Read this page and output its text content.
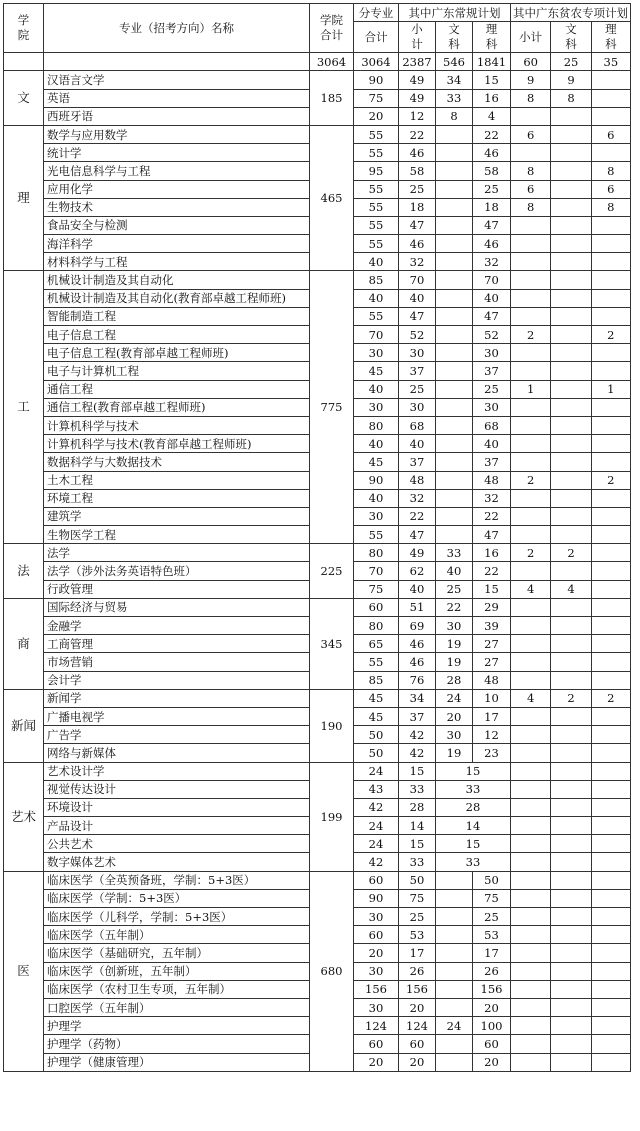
学院	专业（招考方向）名称	学院合计	分专业	其中广东常规计划			其中广东贫农专项计划		
			合计	小计	文科	理科	小计	文科	理科
		3064	3064	2387	546	1841	60	25	35
文	汉语言文学	185	90	49	34	15	9	9	
	英语		75	49	33	16	8	8	
	西班牙语		20	12	8	4			
理	数学与应用数学	465	55	22		22	6		6
	统计学		55	46		46			
	光电信息科学与工程		95	58		58	8		8
	应用化学		55	25		25	6		6
	生物技术		55	18		18	8		8
	食品安全与检测		55	47		47			
	海洋科学		55	46		46			
	材料科学与工程		40	32		32			
工	机械设计制造及其自动化	775	85	70		70			
	机械设计制造及其自动化(教育部卓越工程师班)		40	40		40			
	智能制造工程		55	47		47			
	电子信息工程		70	52		52	2		2
	电子信息工程(教育部卓越工程师班)		30	30		30			
	电子与计算机工程		45	37		37			
	通信工程		40	25		25	1		1
	通信工程(教育部卓越工程师班)		30	30		30			
	计算机科学与技术		80	68		68			
	计算机科学与技术(教育部卓越工程师班)		40	40		40			
	数据科学与大数据技术		45	37		37			
	土木工程		90	48		48	2		2
	环境工程		40	32		32			
	建筑学		30	22		22			
	生物医学工程		55	47		47			
法	法学	225	80	49	33	16	2	2	
	法学（涉外法务英语特色班）		70	62	40	22			
	行政管理		75	40	25	15	4	4	
商	国际经济与贸易	345	60	51	22	29			
	金融学		80	69	30	39			
	工商管理		65	46	19	27			
	市场营销		55	46	19	27			
	会计学		85	76	28	48			
新闻	新闻学	190	45	34	24	10	4	2	2
	广播电视学		45	37	20	17			
	广告学		50	42	30	12			
	网络与新媒体		50	42	19	23			
艺术	艺术设计学	199	24	15	15				
	视觉传达设计		43	33	33				
	环境设计		42	28	28				
	产品设计		24	14	14				
	公共艺术		24	15	15				
	数字媒体艺术		42	33	33				
医	临床医学（全英预备班，学制：5+3医）	680	60	50		50			
	临床医学（学制：5+3医）		90	75		75			
	临床医学（儿科学，学制：5+3医）		30	25		25			
	临床医学（五年制）		60	53		53			
	临床医学（基础研究，五年制）		20	17		17			
	临床医学（创新班，五年制）		30	26		26			
	临床医学（农村卫生专项，五年制）		156	156		156			
	口腔医学（五年制）		30	20		20			
	护理学		124	124	24	100			
	护理学（药物）		60	60		60			
	护理学（健康管理）		20	20		20			
